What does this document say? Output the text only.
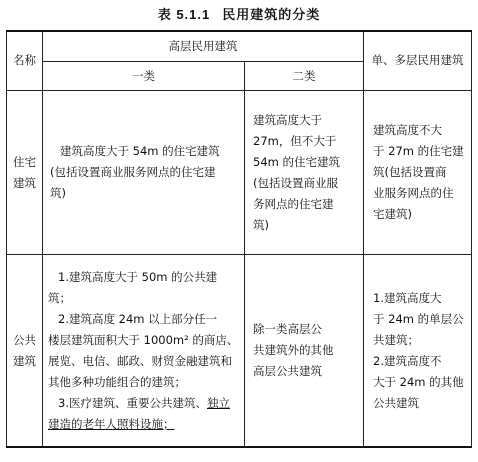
表 5.1.1 民用建筑的分类
名称
高层民用建筑
一类	二类
单、多层民用建筑
住宅
建筑
建筑高度大于 54m 的住宅建筑
(包括设置商业服务网点的住宅建
筑)
建筑高度大于
27m，但不大于
54m 的住宅建筑
(包括设置商业服
务网点的住宅建
筑)
建筑高度不大
于 27m 的住宅建
筑(包括设置商
业服务网点的住
宅建筑)
公共
建筑
1.建筑高度大于 50m 的公共建
筑；
2.建筑高度 24m 以上部分任一
楼层建筑面积大于 1000m² 的商店、
展览、电信、邮政、财贸金融建筑和
其他多种功能组合的建筑；
3.医疗建筑、重要公共建筑、独立
建造的老年人照料设施；
除一类高层公
共建筑外的其他
高层公共建筑
1.建筑高度大
于 24m 的单层公
共建筑；
2.建筑高度不
大于 24m 的其他
公共建筑
